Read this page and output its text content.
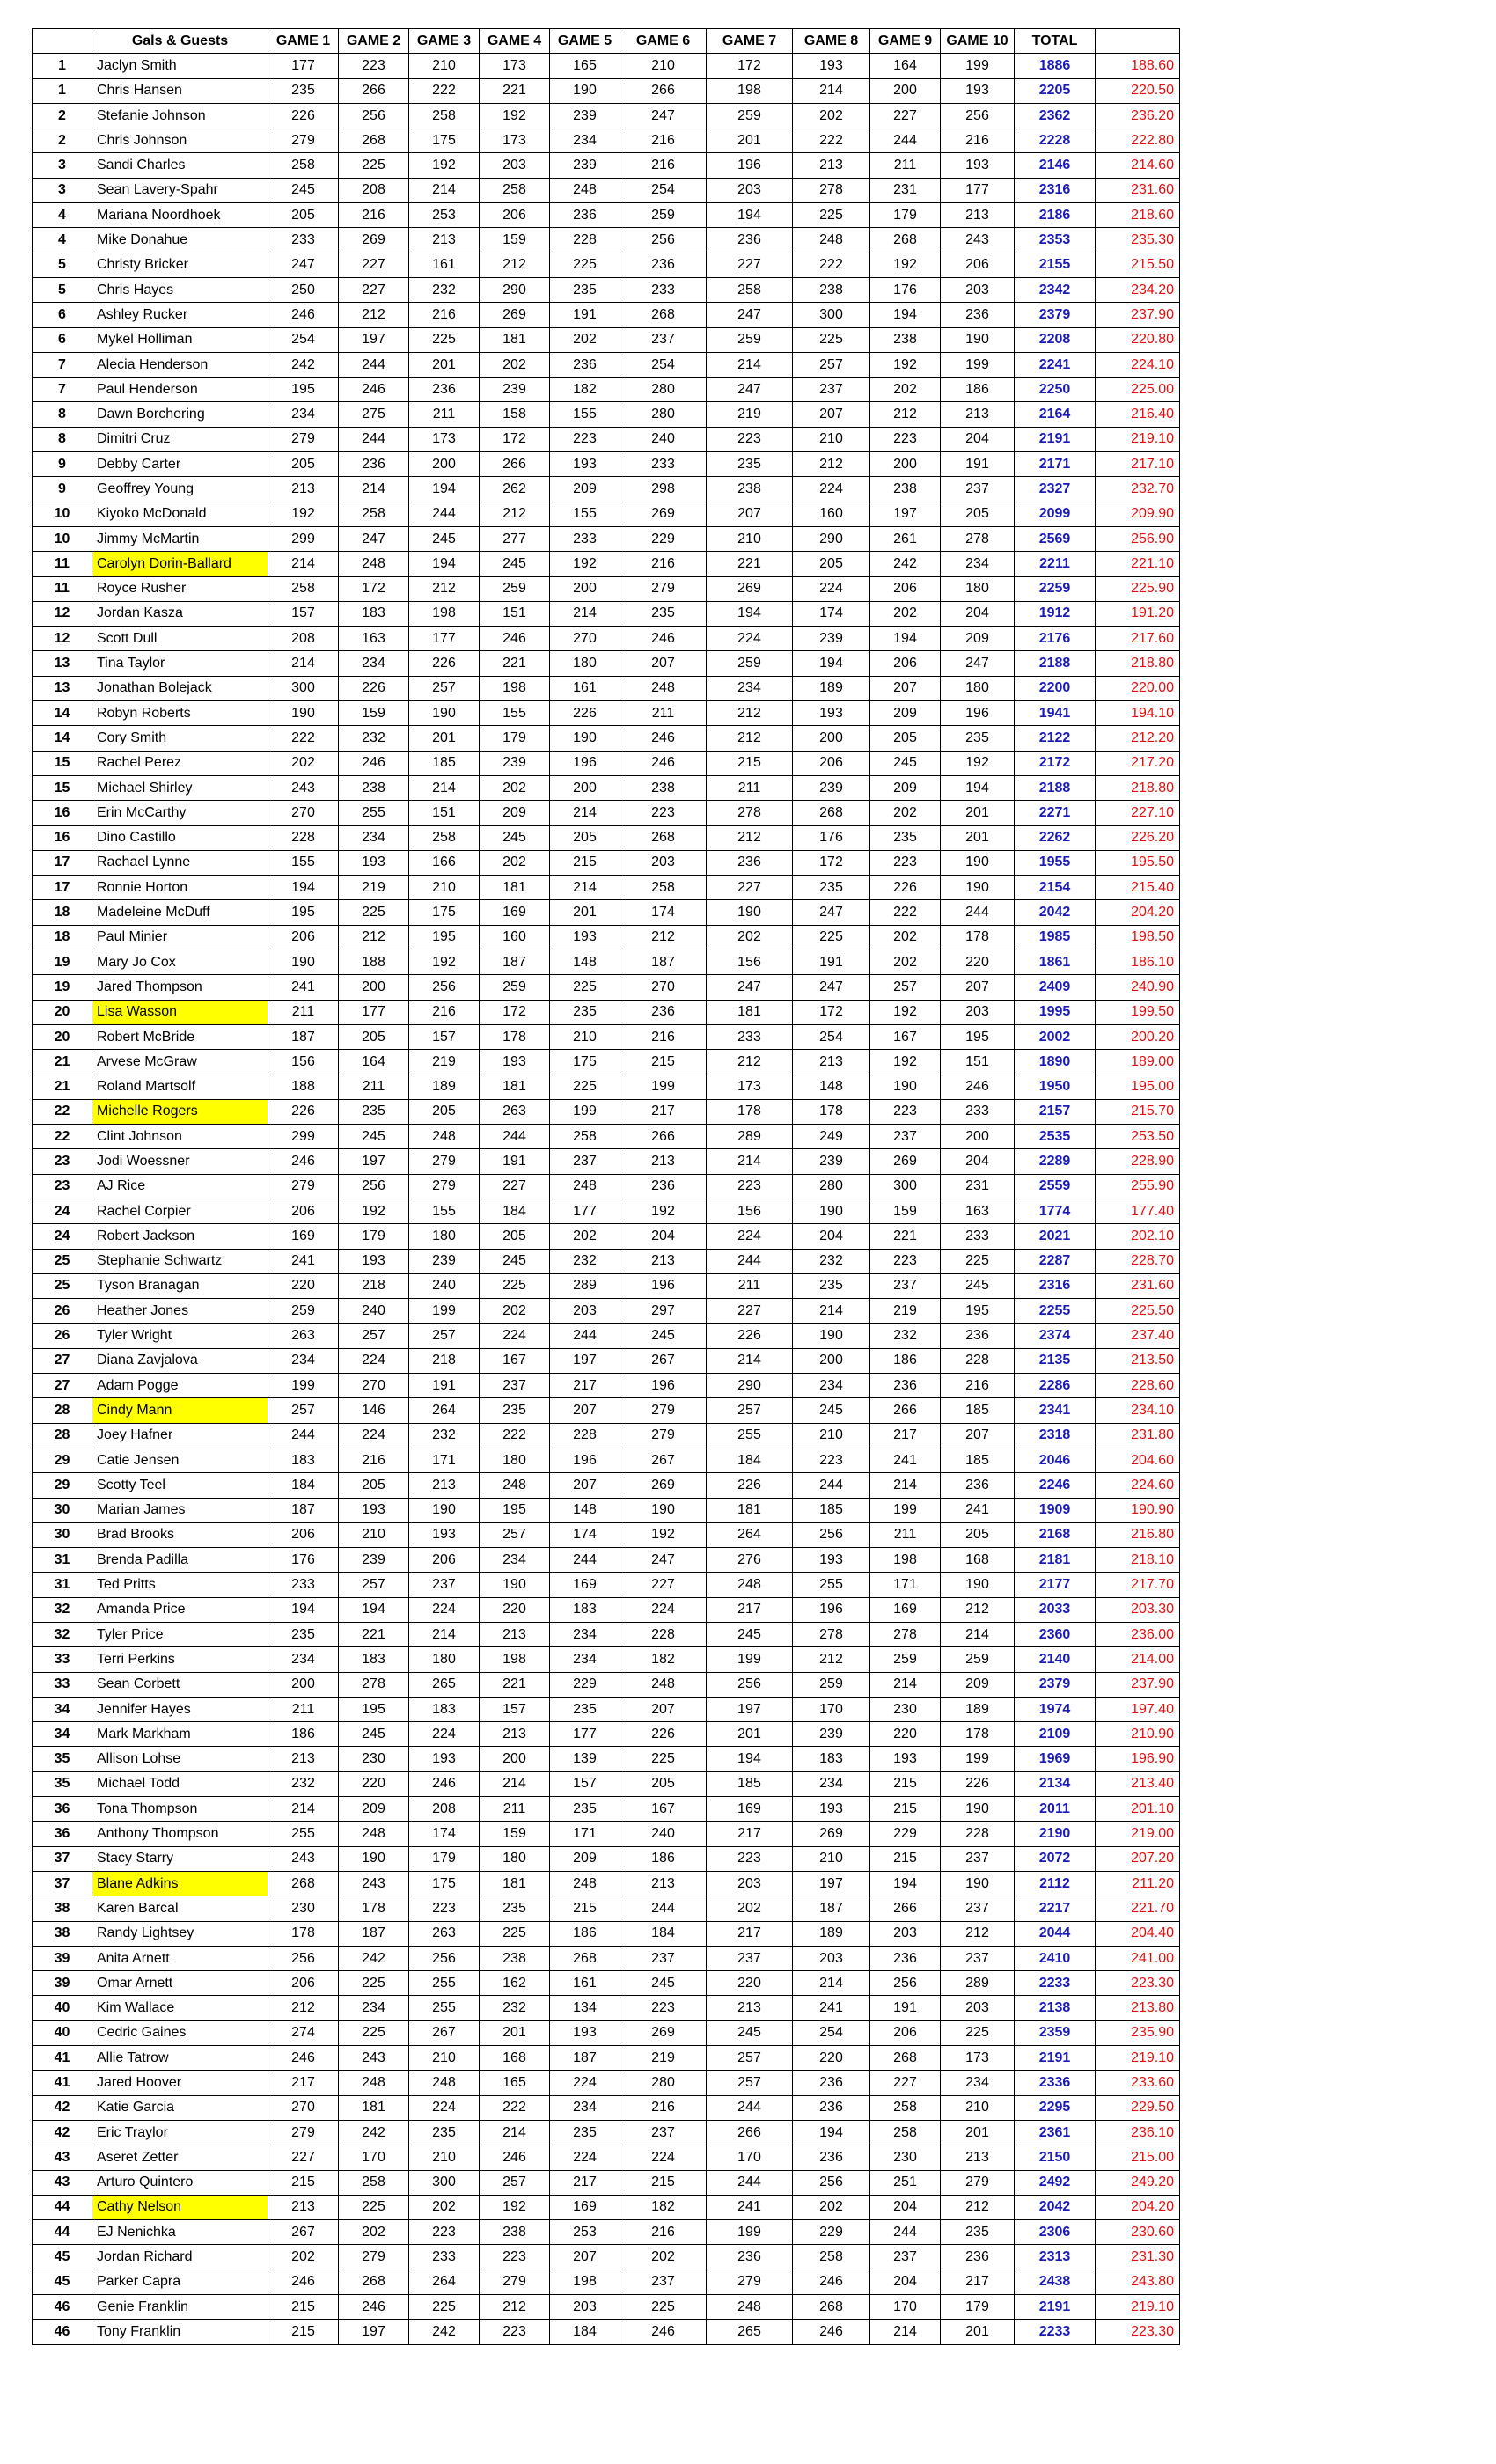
	Gals & Guests	GAME 1	GAME 2	GAME 3	GAME 4	GAME 5	GAME 6	GAME 7	GAME 8	GAME 9	GAME 10	TOTAL	
1	Jaclyn Smith	177	223	210	173	165	210	172	193	164	199	1886	188.60
1	Chris Hansen	235	266	222	221	190	266	198	214	200	193	2205	220.50
2	Stefanie Johnson	226	256	258	192	239	247	259	202	227	256	2362	236.20
2	Chris Johnson	279	268	175	173	234	216	201	222	244	216	2228	222.80
3	Sandi Charles	258	225	192	203	239	216	196	213	211	193	2146	214.60
3	Sean Lavery-Spahr	245	208	214	258	248	254	203	278	231	177	2316	231.60
4	Mariana Noordhoek	205	216	253	206	236	259	194	225	179	213	2186	218.60
4	Mike Donahue	233	269	213	159	228	256	236	248	268	243	2353	235.30
5	Christy Bricker	247	227	161	212	225	236	227	222	192	206	2155	215.50
5	Chris Hayes	250	227	232	290	235	233	258	238	176	203	2342	234.20
6	Ashley Rucker	246	212	216	269	191	268	247	300	194	236	2379	237.90
6	Mykel Holliman	254	197	225	181	202	237	259	225	238	190	2208	220.80
7	Alecia Henderson	242	244	201	202	236	254	214	257	192	199	2241	224.10
7	Paul Henderson	195	246	236	239	182	280	247	237	202	186	2250	225.00
8	Dawn Borchering	234	275	211	158	155	280	219	207	212	213	2164	216.40
8	Dimitri Cruz	279	244	173	172	223	240	223	210	223	204	2191	219.10
9	Debby Carter	205	236	200	266	193	233	235	212	200	191	2171	217.10
9	Geoffrey Young	213	214	194	262	209	298	238	224	238	237	2327	232.70
10	Kiyoko McDonald	192	258	244	212	155	269	207	160	197	205	2099	209.90
10	Jimmy McMartin	299	247	245	277	233	229	210	290	261	278	2569	256.90
11	Carolyn Dorin-Ballard	214	248	194	245	192	216	221	205	242	234	2211	221.10
11	Royce Rusher	258	172	212	259	200	279	269	224	206	180	2259	225.90
12	Jordan Kasza	157	183	198	151	214	235	194	174	202	204	1912	191.20
12	Scott Dull	208	163	177	246	270	246	224	239	194	209	2176	217.60
13	Tina Taylor	214	234	226	221	180	207	259	194	206	247	2188	218.80
13	Jonathan Bolejack	300	226	257	198	161	248	234	189	207	180	2200	220.00
14	Robyn Roberts	190	159	190	155	226	211	212	193	209	196	1941	194.10
14	Cory Smith	222	232	201	179	190	246	212	200	205	235	2122	212.20
15	Rachel Perez	202	246	185	239	196	246	215	206	245	192	2172	217.20
15	Michael Shirley	243	238	214	202	200	238	211	239	209	194	2188	218.80
16	Erin McCarthy	270	255	151	209	214	223	278	268	202	201	2271	227.10
16	Dino Castillo	228	234	258	245	205	268	212	176	235	201	2262	226.20
17	Rachael Lynne	155	193	166	202	215	203	236	172	223	190	1955	195.50
17	Ronnie Horton	194	219	210	181	214	258	227	235	226	190	2154	215.40
18	Madeleine McDuff	195	225	175	169	201	174	190	247	222	244	2042	204.20
18	Paul Minier	206	212	195	160	193	212	202	225	202	178	1985	198.50
19	Mary Jo Cox	190	188	192	187	148	187	156	191	202	220	1861	186.10
19	Jared Thompson	241	200	256	259	225	270	247	247	257	207	2409	240.90
20	Lisa Wasson	211	177	216	172	235	236	181	172	192	203	1995	199.50
20	Robert McBride	187	205	157	178	210	216	233	254	167	195	2002	200.20
21	Arvese McGraw	156	164	219	193	175	215	212	213	192	151	1890	189.00
21	Roland Martsolf	188	211	189	181	225	199	173	148	190	246	1950	195.00
22	Michelle Rogers	226	235	205	263	199	217	178	178	223	233	2157	215.70
22	Clint Johnson	299	245	248	244	258	266	289	249	237	200	2535	253.50
23	Jodi Woessner	246	197	279	191	237	213	214	239	269	204	2289	228.90
23	AJ Rice	279	256	279	227	248	236	223	280	300	231	2559	255.90
24	Rachel Corpier	206	192	155	184	177	192	156	190	159	163	1774	177.40
24	Robert Jackson	169	179	180	205	202	204	224	204	221	233	2021	202.10
25	Stephanie Schwartz	241	193	239	245	232	213	244	232	223	225	2287	228.70
25	Tyson Branagan	220	218	240	225	289	196	211	235	237	245	2316	231.60
26	Heather Jones	259	240	199	202	203	297	227	214	219	195	2255	225.50
26	Tyler Wright	263	257	257	224	244	245	226	190	232	236	2374	237.40
27	Diana Zavjalova	234	224	218	167	197	267	214	200	186	228	2135	213.50
27	Adam Pogge	199	270	191	237	217	196	290	234	236	216	2286	228.60
28	Cindy Mann	257	146	264	235	207	279	257	245	266	185	2341	234.10
28	Joey Hafner	244	224	232	222	228	279	255	210	217	207	2318	231.80
29	Catie Jensen	183	216	171	180	196	267	184	223	241	185	2046	204.60
29	Scotty Teel	184	205	213	248	207	269	226	244	214	236	2246	224.60
30	Marian James	187	193	190	195	148	190	181	185	199	241	1909	190.90
30	Brad Brooks	206	210	193	257	174	192	264	256	211	205	2168	216.80
31	Brenda Padilla	176	239	206	234	244	247	276	193	198	168	2181	218.10
31	Ted Pritts	233	257	237	190	169	227	248	255	171	190	2177	217.70
32	Amanda Price	194	194	224	220	183	224	217	196	169	212	2033	203.30
32	Tyler Price	235	221	214	213	234	228	245	278	278	214	2360	236.00
33	Terri Perkins	234	183	180	198	234	182	199	212	259	259	2140	214.00
33	Sean Corbett	200	278	265	221	229	248	256	259	214	209	2379	237.90
34	Jennifer Hayes	211	195	183	157	235	207	197	170	230	189	1974	197.40
34	Mark Markham	186	245	224	213	177	226	201	239	220	178	2109	210.90
35	Allison Lohse	213	230	193	200	139	225	194	183	193	199	1969	196.90
35	Michael Todd	232	220	246	214	157	205	185	234	215	226	2134	213.40
36	Tona Thompson	214	209	208	211	235	167	169	193	215	190	2011	201.10
36	Anthony Thompson	255	248	174	159	171	240	217	269	229	228	2190	219.00
37	Stacy Starry	243	190	179	180	209	186	223	210	215	237	2072	207.20
37	Blane Adkins	268	243	175	181	248	213	203	197	194	190	2112	211.20
38	Karen Barcal	230	178	223	235	215	244	202	187	266	237	2217	221.70
38	Randy Lightsey	178	187	263	225	186	184	217	189	203	212	2044	204.40
39	Anita Arnett	256	242	256	238	268	237	237	203	236	237	2410	241.00
39	Omar Arnett	206	225	255	162	161	245	220	214	256	289	2233	223.30
40	Kim Wallace	212	234	255	232	134	223	213	241	191	203	2138	213.80
40	Cedric Gaines	274	225	267	201	193	269	245	254	206	225	2359	235.90
41	Allie Tatrow	246	243	210	168	187	219	257	220	268	173	2191	219.10
41	Jared Hoover	217	248	248	165	224	280	257	236	227	234	2336	233.60
42	Katie Garcia	270	181	224	222	234	216	244	236	258	210	2295	229.50
42	Eric Traylor	279	242	235	214	235	237	266	194	258	201	2361	236.10
43	Aseret Zetter	227	170	210	246	224	224	170	236	230	213	2150	215.00
43	Arturo Quintero	215	258	300	257	217	215	244	256	251	279	2492	249.20
44	Cathy Nelson	213	225	202	192	169	182	241	202	204	212	2042	204.20
44	EJ Nenichka	267	202	223	238	253	216	199	229	244	235	2306	230.60
45	Jordan Richard	202	279	233	223	207	202	236	258	237	236	2313	231.30
45	Parker Capra	246	268	264	279	198	237	279	246	204	217	2438	243.80
46	Genie Franklin	215	246	225	212	203	225	248	268	170	179	2191	219.10
46	Tony Franklin	215	197	242	223	184	246	265	246	214	201	2233	223.30
